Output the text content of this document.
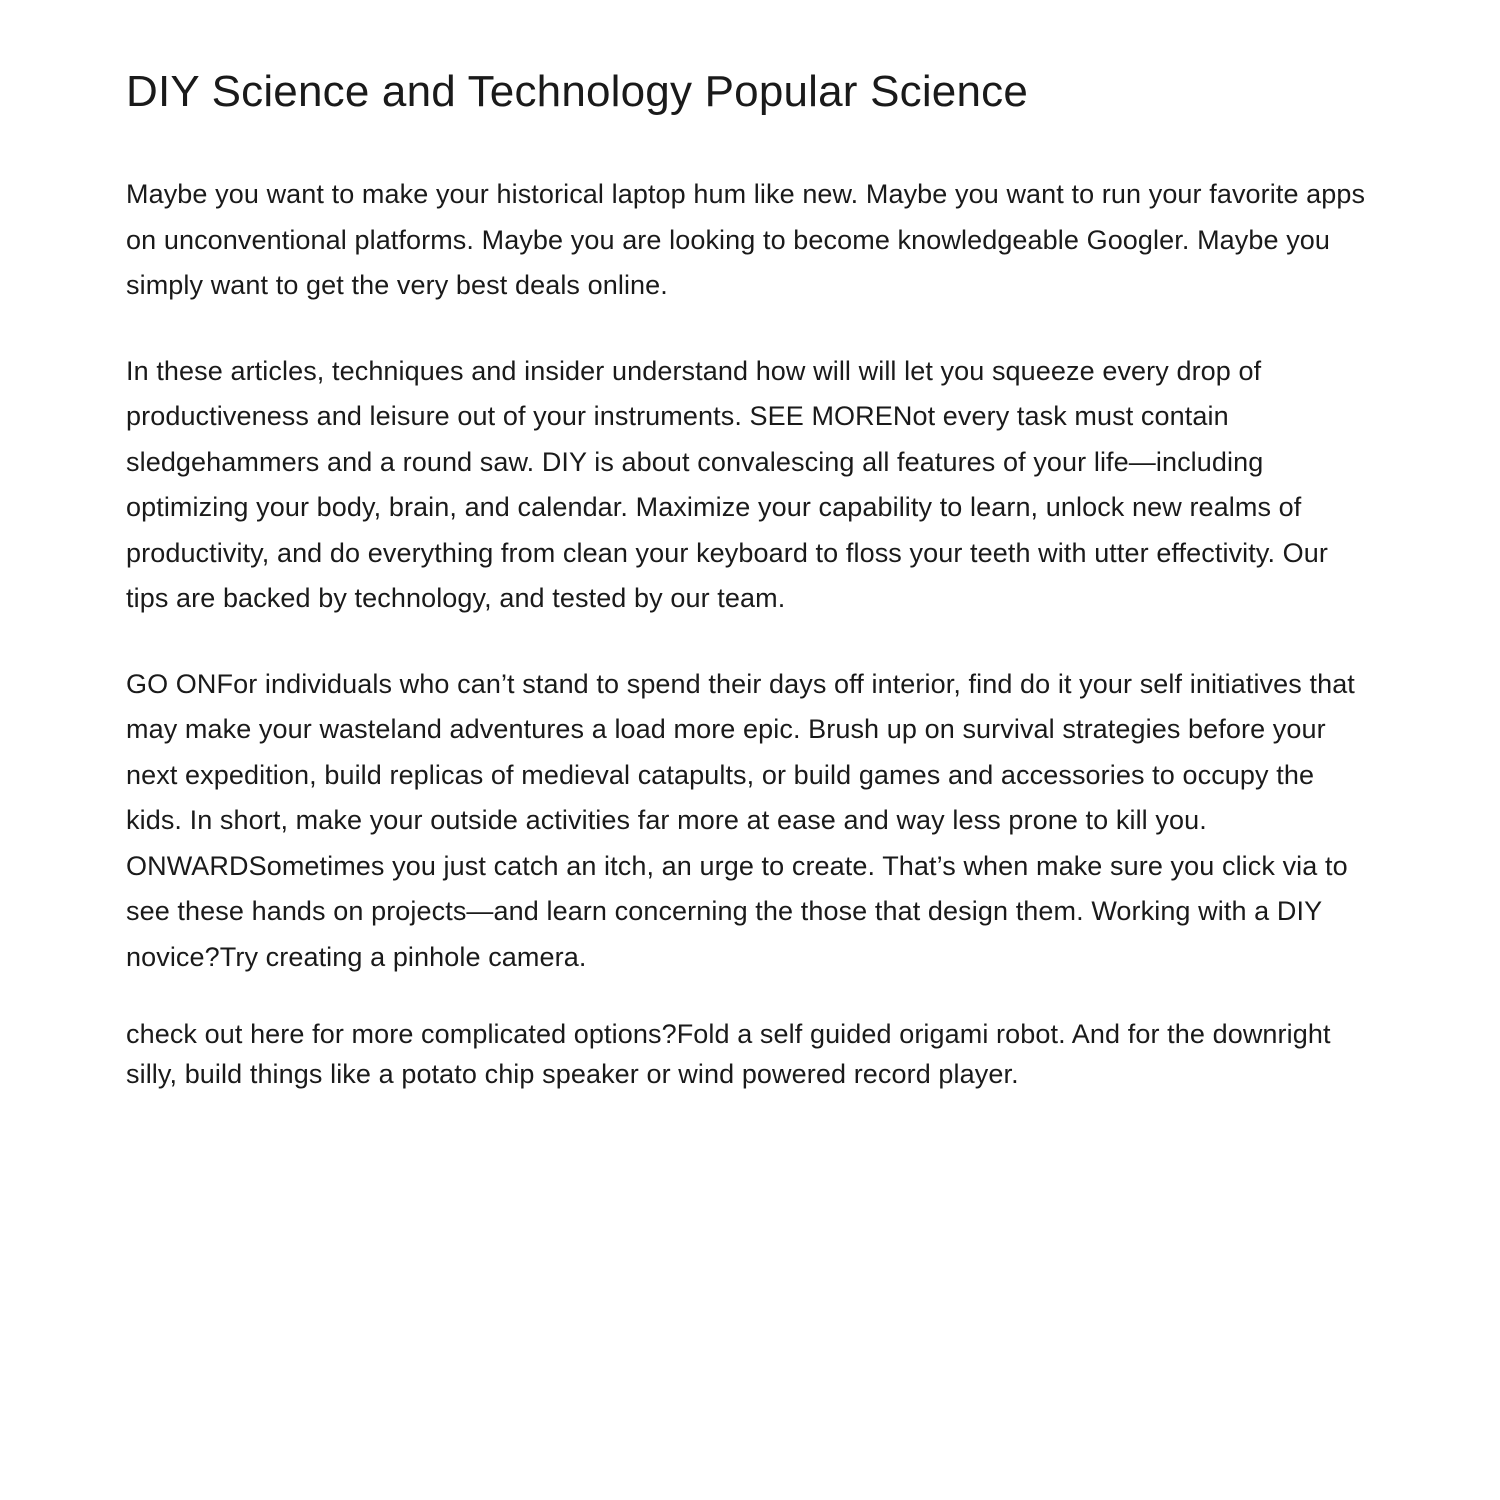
DIY Science and Technology Popular Science

Maybe you want to make your historical laptop hum like new. Maybe you want to run your favorite apps on unconventional platforms. Maybe you are looking to become knowledgeable Googler. Maybe you simply want to get the very best deals online.

In these articles, techniques and insider understand how will will let you squeeze every drop of productiveness and leisure out of your instruments. SEE MORENot every task must contain sledgehammers and a round saw. DIY is about convalescing all features of your life—including optimizing your body, brain, and calendar. Maximize your capability to learn, unlock new realms of productivity, and do everything from clean your keyboard to floss your teeth with utter effectivity. Our tips are backed by technology, and tested by our team.

GO ONFor individuals who can’t stand to spend their days off interior, find do it your self initiatives that may make your wasteland adventures a load more epic. Brush up on survival strategies before your next expedition, build replicas of medieval catapults, or build games and accessories to occupy the kids. In short, make your outside activities far more at ease and way less prone to kill you. ONWARDSometimes you just catch an itch, an urge to create. That’s when make sure you click via to see these hands on projects—and learn concerning the those that design them. Working with a DIY novice?Try creating a pinhole camera.

check out here for more complicated options?Fold a self guided origami robot. And for the downright silly, build things like a potato chip speaker or wind powered record player.
